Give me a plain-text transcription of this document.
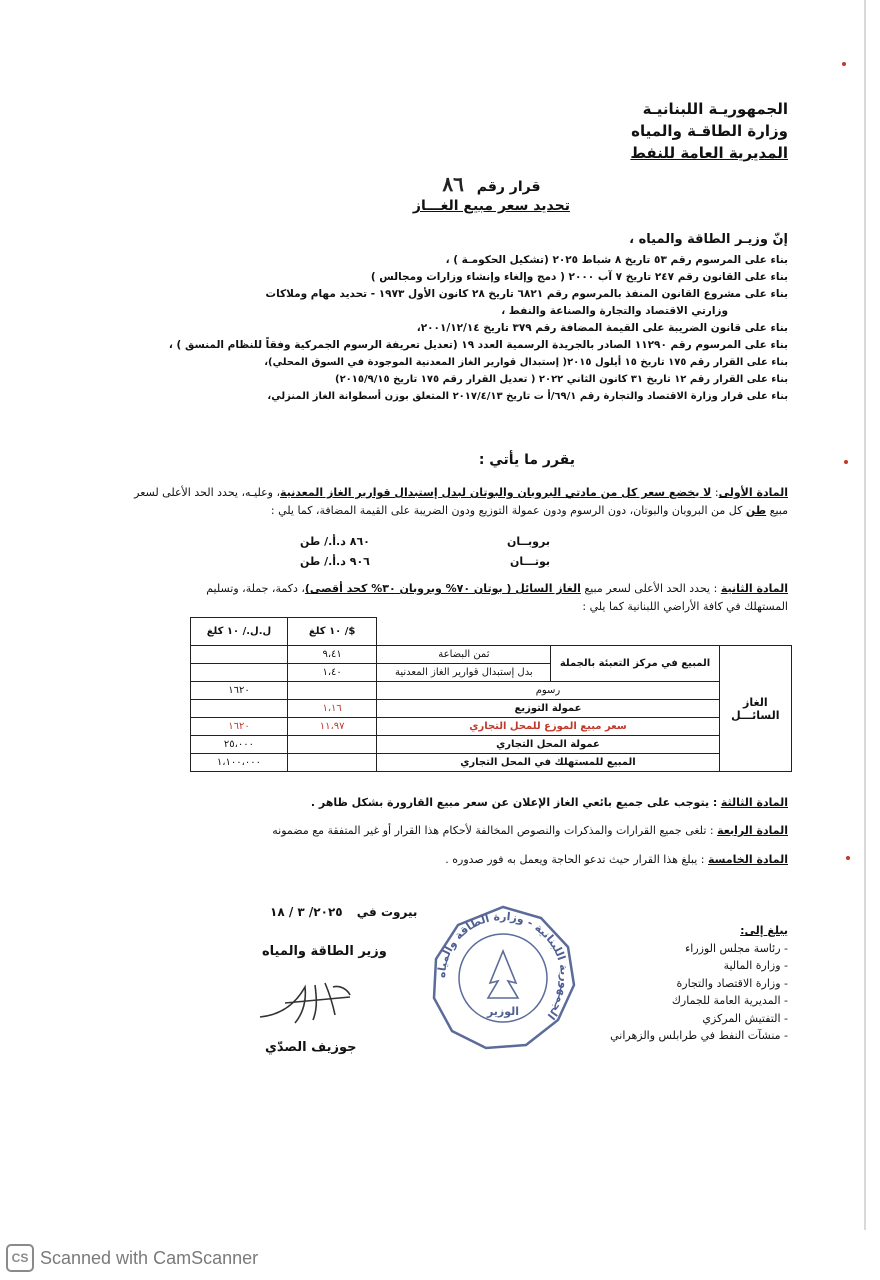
الجمهوريـة اللبنانيـة
وزارة الطاقـة والمياه
المديرية العامة للنفط
قرار رقم ٨٦
تحديد سعر مبيع الغـــاز
إنّ وزيـر الطاقة والمياه ،
بناء على المرسوم رقم ٥٣ تاريخ ٨ شباط ٢٠٢٥ (تشكيل الحكومـة ) ،
بناء على القانون رقم ٢٤٧ تاريخ ٧ آب ٢٠٠٠ ( دمج وإلغاء وإنشاء وزارات ومجالس )
بناء على مشروع القانون المنفذ بالمرسوم رقم ٦٨٢١ تاريخ ٢٨ كانون الأول ١٩٧٣ - تحديد مهام وملاكات
وزارتي الاقتصاد والتجارة والصناعة والنفط ،
بناء على قانون الضريبة على القيمة المضافة رقم ٣٧٩ تاريخ ٢٠٠١/١٢/١٤،
بناء على المرسوم رقم ١١٢٩٠ الصادر بالجريدة الرسمية العدد ١٩ (تعديل تعريفة الرسوم الجمركية وفقاً للنظام المنسق ) ،
بناء على القرار رقم ١٧٥ تاريخ ١٥ أيلول ٢٠١٥( إستبدال قوارير الغاز المعدنية الموجودة في السوق المحلي)،
بناء على القرار رقم ١٢ تاريخ ٣١ كانون الثاني ٢٠٢٢ ( تعديل القرار رقم ١٧٥ تاريخ ٢٠١٥/٩/١٥)
بناء على قرار وزارة الاقتصاد والتجارة رقم ٦٩/١/أ ت تاريخ ٢٠١٧/٤/١٣ المتعلق بوزن أسطوانة الغاز المنزلي،
يقرر ما يأتي :
المادة الأولى: لا يخضع سعر كل من مادتي البروبان والبوتان لبدل إستبدال قوارير الغاز المعدنية، وعليـه، يحدد الحد الأعلى لسعر
مبيع طن كل من البروبان والبوتان، دون الرسوم ودون عمولة التوزيع ودون الضريبة على القيمة المضافة، كما يلي :
بروبــان
٨٦٠ د.أ./ طن
بوتـــان
٩٠٦ د.أ./ طن
المادة الثانية : يحدد الحد الأعلى لسعر مبيع الغاز السائل ( بوتان ٧٠% وبروبان ٣٠% كحد أقصى)، دكمة، جملة، وتسليم
المستهلك في كافة الأراضي اللبنانية كما يلي :
			$/ ١٠ كلغ	ل.ل./ ١٠ كلغ
الغاز السائـــل	المبيع في مركز التعبئة بالجملة	ثمن البضاعة	٩،٤١	
		بدل إستبدال قوارير الغاز المعدنية	١،٤٠	
	رسوم			١٦٢٠
	عمولة التوزيع		١،١٦	
	سعر مبيع الموزع للمحل التجاري		١١،٩٧	١٦٢٠
	عمولة المحل التجاري			٢٥،٠٠٠
	المبيع للمستهلك في المحل التجاري			١،١٠٠،٠٠٠
المادة الثالثة : يتوجب على جميع بائعي الغاز الإعلان عن سعر مبيع القارورة بشكل ظاهر .
المادة الرابعة : تلغى جميع القرارات والمذكرات والنصوص المخالفة لأحكام هذا القرار أو غير المتفقة مع مضمونه
المادة الخامسة : يبلغ هذا القرار حيث تدعو الحاجة ويعمل به فور صدوره .
بيروت في ٢٠٢٥/ ٣ / ١٨
وزير الطاقة والمياه
جوزيف الصدّي
الجمهورية اللبنانية - وزارة الطاقة والمياه
الوزير
يبلغ إلى:
- رئاسة مجلس الوزراء
- وزارة المالية
- وزارة الاقتصاد والتجارة
- المديرية العامة للجمارك
- التفتيش المركزي
- منشآت النفط في طرابلس والزهراني
CS Scanned with CamScanner
